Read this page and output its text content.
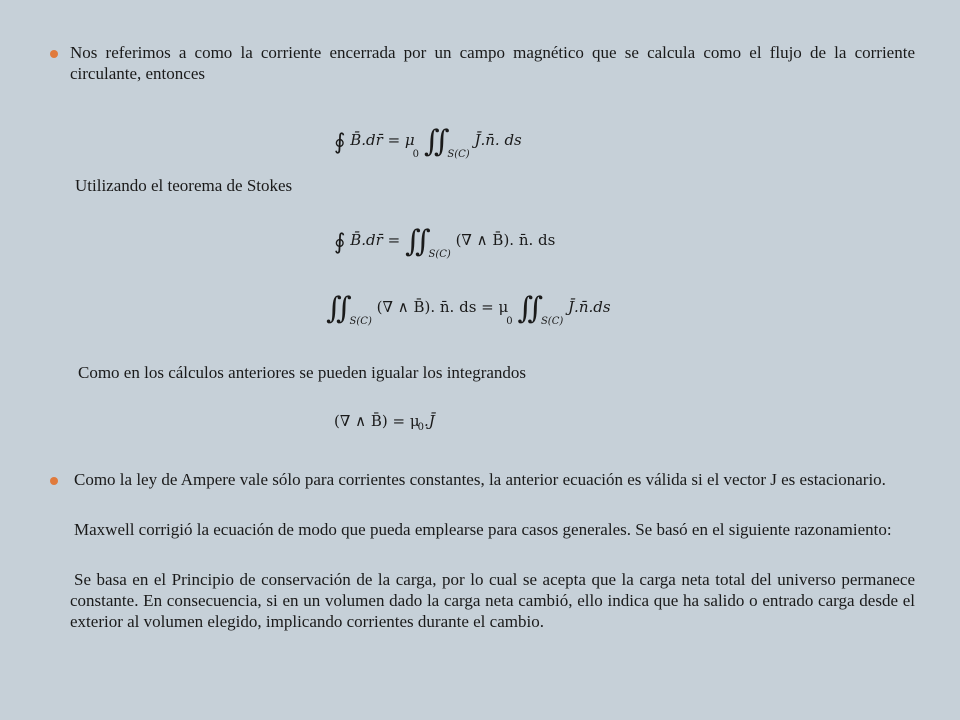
Nos referimos a como la corriente encerrada por un campo magnético que se calcula como el flujo de la corriente circulante, entonces
∮ B̄.dr̄ = $\mu_0$ $∬_{S(C)}$ J̄.n̄. ds
Utilizando el teorema de Stokes
∮ B̄.dr̄ = $∬_{S(C)}$ (∇ ∧ B̄). n̄. ds
$∬_{S(C)}$ (∇ ∧ B̄). n̄. ds = $\mu_0$ $∬_{S(C)}$ J̄.n̄.ds
Como en los cálculos anteriores se pueden igualar los integrandos
(∇ ∧ B̄) = $\mu_0.J̄$
Como la ley de Ampere vale sólo para corrientes constantes, la anterior ecuación es válida si el vector J es estacionario.
Maxwell corrigió la ecuación de modo que pueda emplearse para casos generales. Se basó en el siguiente razonamiento:
Se basa en el Principio de conservación de la carga, por lo cual se acepta que la carga neta total del universo permanece constante. En consecuencia, si en un volumen dado la carga neta cambió, ello indica que ha salido o entrado carga desde el exterior al volumen elegido, implicando corrientes durante el cambio.
